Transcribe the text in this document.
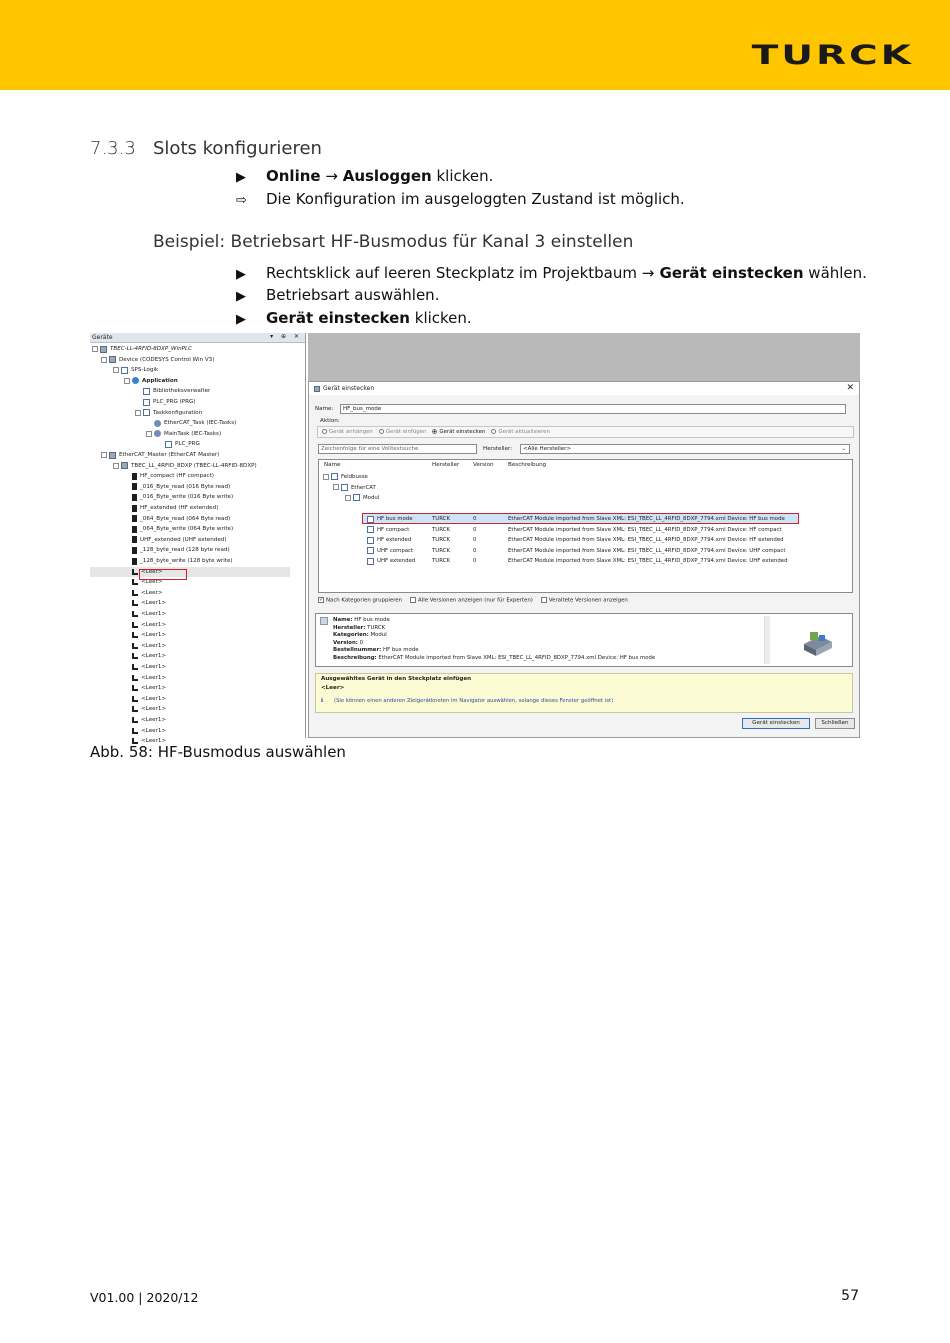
TURCK
7.3.3 Slots konfigurieren
▶	Online → Ausloggen klicken.
⇨	Die Konfiguration im ausgeloggten Zustand ist möglich.
Beispiel: Betriebsart HF-Busmodus für Kanal 3 einstellen
▶	Rechtsklick auf leeren Steckplatz im Projektbaum → Gerät einstecken wählen.
▶	Betriebsart auswählen.
▶	Gerät einstecken klicken.
Geräte	▾ ⊕ ✕
TBEC-LL-4RFID-8DXP_WinPLC
Device (CODESYS Control Win V3)
SPS-Logik
Application
Bibliotheksverwalter
PLC_PRG (PRG)
Taskkonfiguration
EtherCAT_Task (IEC-Tasks)
MainTask (IEC-Tasks)
PLC_PRG
EtherCAT_Master (EtherCAT Master)
TBEC_LL_4RFID_8DXP (TBEC-LL-4RFID-8DXP)
HF_compact (HF compact)
_016_Byte_read (016 Byte read)
_016_Byte_write (016 Byte write)
HF_extended (HF extended)
_064_Byte_read (064 Byte read)
_064_Byte_write (064 Byte write)
UHF_extended (UHF extended)
_128_byte_read (128 byte read)
_128_byte_write (128 byte write)
<Leer>
<Leer>
<Leer>
<Leer1>
<Leer1>
<Leer1>
<Leer1>
<Leer1>
<Leer1>
<Leer1>
<Leer1>
<Leer1>
<Leer1>
<Leer1>
<Leer1>
<Leer1>
<Leer1>
Gerät einstecken	✕
Name:	HF_bus_mode
Aktion:
Gerät anhängen Gerät einfügen Gerät einstecken Gerät aktualisieren
Zeichenfolge für eine Volltextsuche	Hersteller:	<Alle Hersteller>	⌄
Name	Hersteller Version	Beschreibung
Feldbusse
EtherCAT
Modul
HF bus mode	TURCK	0	EtherCAT Module imported from Slave XML: ESI_TBEC_LL_4RFID_8DXP_7794.xml Device: HF bus mode
HF compact	TURCK	0	EtherCAT Module imported from Slave XML: ESI_TBEC_LL_4RFID_8DXP_7794.xml Device: HF compact
HF extended	TURCK	0	EtherCAT Module imported from Slave XML: ESI_TBEC_LL_4RFID_8DXP_7794.xml Device: HF extended
UHF compact	TURCK	0	EtherCAT Module imported from Slave XML: ESI_TBEC_LL_4RFID_8DXP_7794.xml Device: UHF compact
UHF extended	TURCK	0	EtherCAT Module imported from Slave XML: ESI_TBEC_LL_4RFID_8DXP_7794.xml Device: UHF extended
✓ Nach Kategorien gruppieren	Alle Versionen anzeigen (nur für Experten)	Veraltete Versionen anzeigen
Name: HF bus mode
Hersteller: TURCK
Kategorien: Modul
Version: 0
Bestellnummer: HF bus mode
Beschreibung: EtherCAT Module imported from Slave XML: ESI_TBEC_LL_4RFID_8DXP_7794.xml Device: HF bus mode
Ausgewähltes Gerät in den Steckplatz einfügen
<Leer>
ℹ (Sie können einen anderen Zielgerätknoten im Navigator auswählen, solange dieses Fenster geöffnet ist)
Gerät einstecken	Schließen
Abb. 58: HF-Busmodus auswählen
V01.00 | 2020/12	57
